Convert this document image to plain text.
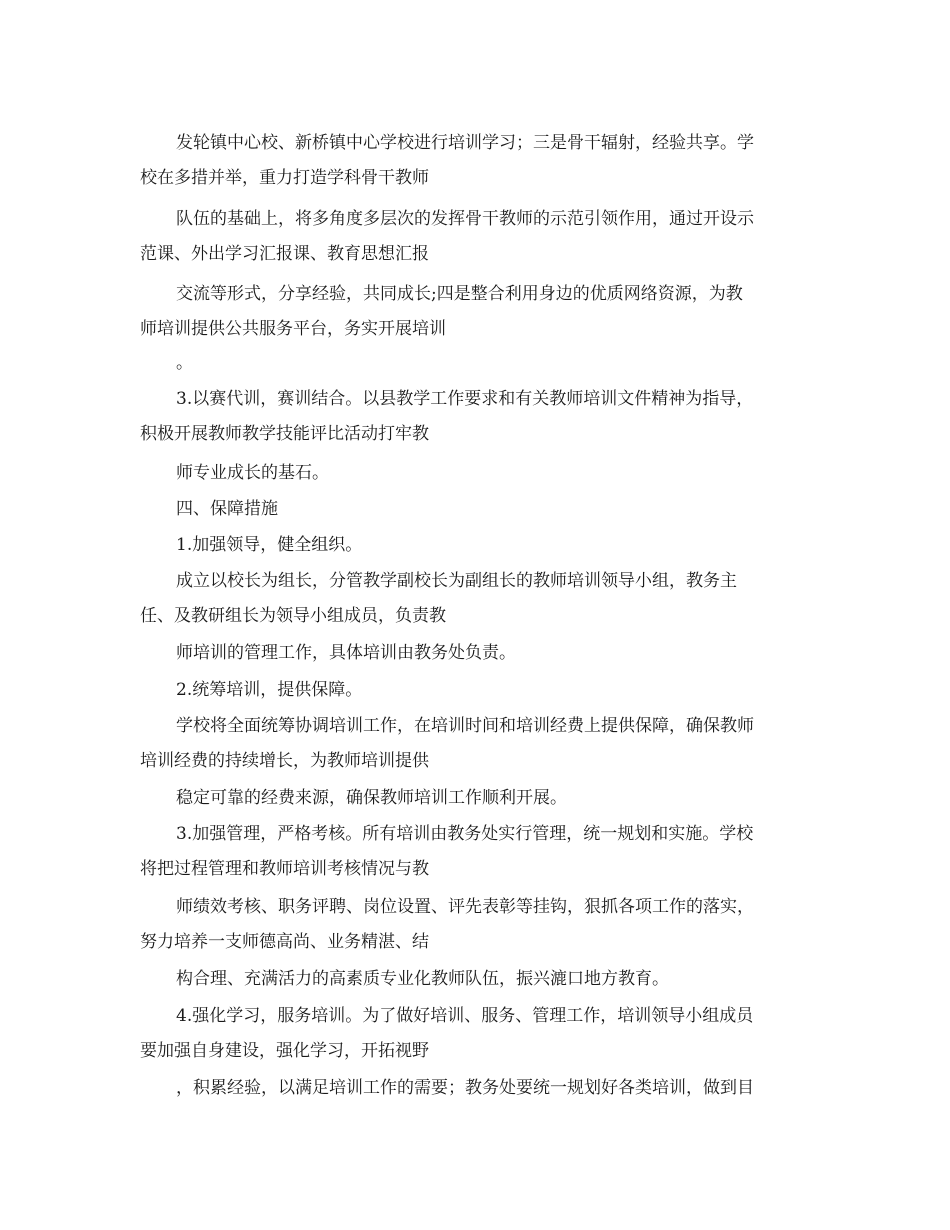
发轮镇中心校、新桥镇中心学校进行培训学习；三是骨干辐射，经验共享。学
校在多措并举，重力打造学科骨干教师
队伍的基础上，将多角度多层次的发挥骨干教师的示范引领作用，通过开设示
范课、外出学习汇报课、教育思想汇报
交流等形式，分享经验，共同成长;四是整合利用身边的优质网络资源，为教
师培训提供公共服务平台，务实开展培训
。
3.以赛代训，赛训结合。以县教学工作要求和有关教师培训文件精神为指导，
积极开展教师教学技能评比活动打牢教
师专业成长的基石。
四、保障措施
1.加强领导，健全组织。
成立以校长为组长，分管教学副校长为副组长的教师培训领导小组，教务主
任、及教研组长为领导小组成员，负责教
师培训的管理工作，具体培训由教务处负责。
2.统筹培训，提供保障。
学校将全面统筹协调培训工作，在培训时间和培训经费上提供保障，确保教师
培训经费的持续增长，为教师培训提供
稳定可靠的经费来源，确保教师培训工作顺利开展。
3.加强管理，严格考核。所有培训由教务处实行管理，统一规划和实施。学校
将把过程管理和教师培训考核情况与教
师绩效考核、职务评聘、岗位设置、评先表彰等挂钩，狠抓各项工作的落实，
努力培养一支师德高尚、业务精湛、结
构合理、充满活力的高素质专业化教师队伍，振兴漉口地方教育。
4.强化学习，服务培训。为了做好培训、服务、管理工作，培训领导小组成员
要加强自身建设，强化学习，开拓视野
，积累经验，以满足培训工作的需要；教务处要统一规划好各类培训，做到目
